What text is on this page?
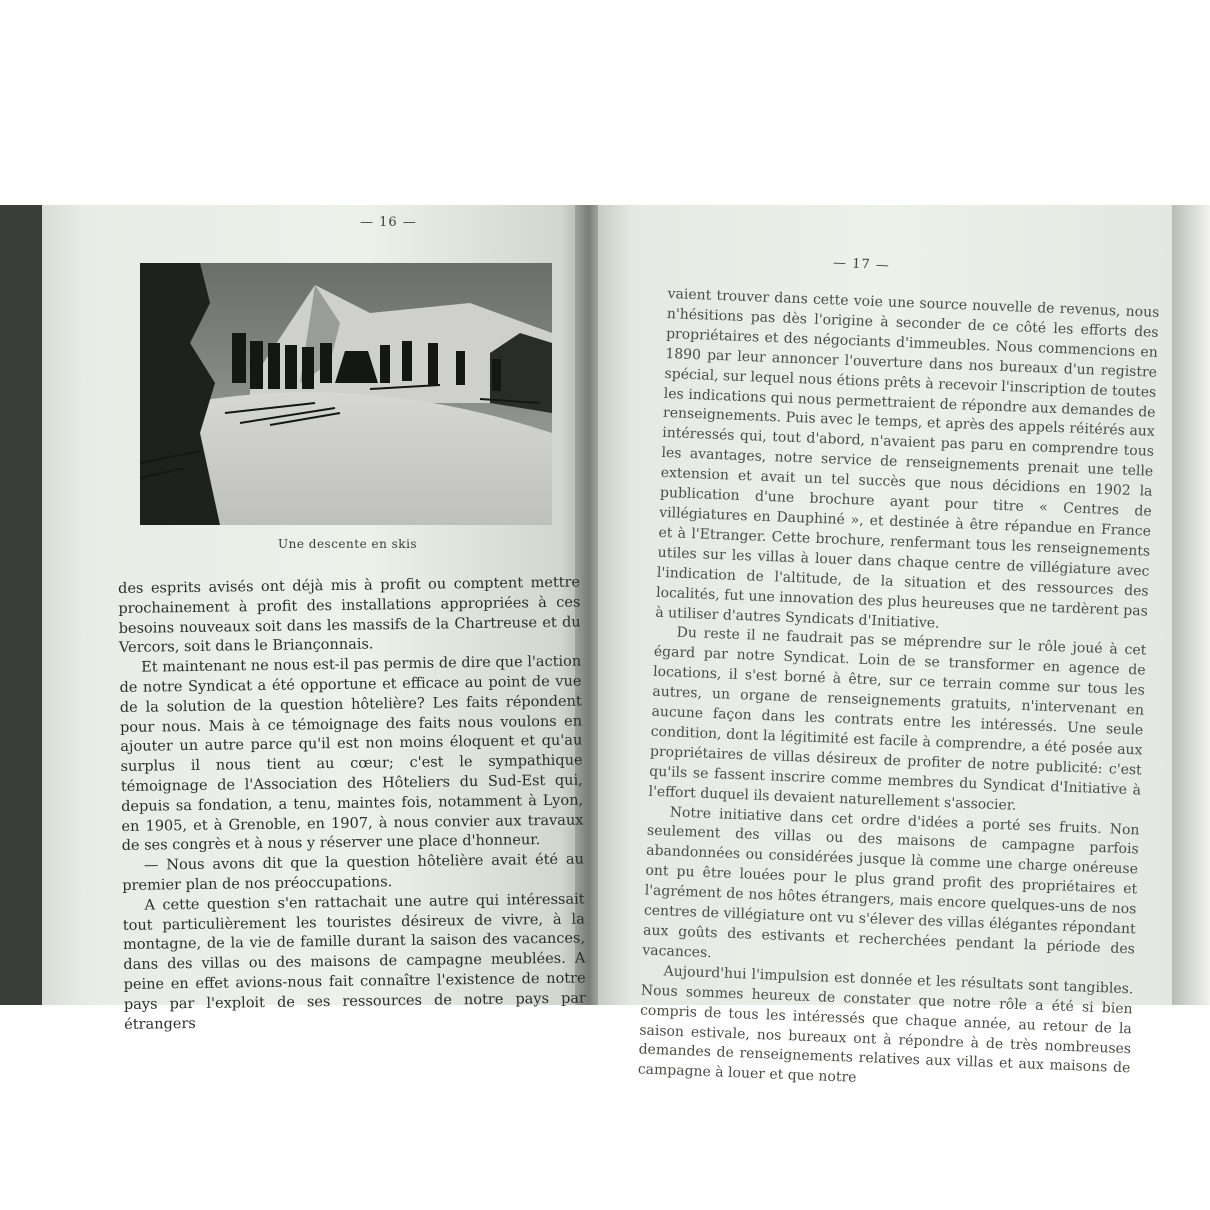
— 16 —
— 17 —
Une descente en skis

des esprits avisés ont déjà mis à profit ou comptent mettre prochainement à profit des installations appropriées à ces besoins nouveaux soit dans les massifs de la Chartreuse et du Vercors, soit dans le Briançonnais.

Et maintenant ne nous est-il pas permis de dire que l'action de notre Syndicat a été opportune et efficace au point de vue de la solution de la question hôtelière? Les faits répondent pour nous. Mais à ce témoignage des faits nous voulons en ajouter un autre parce qu'il est non moins éloquent et qu'au surplus il nous tient au cœur; c'est le sympathique témoignage de l'Association des Hôteliers du Sud-Est qui, depuis sa fondation, a tenu, maintes fois, notamment à Lyon, en 1905, et à Grenoble, en 1907, à nous convier aux travaux de ses congrès et à nous y réserver une place d'honneur.

— Nous avons dit que la question hôtelière avait été au premier plan de nos préoccupations.

A cette question s'en rattachait une autre qui intéressait tout particulièrement les touristes désireux de vivre, à la montagne, de la vie de famille durant la saison des vacances, dans des villas ou des maisons de campagne meublées. A peine en effet avions-nous fait connaître l'existence de notre pays par l'exploit de ses ressources de notre pays par étrangers

vaient trouver dans cette voie une source nouvelle de revenus, nous n'hésitions pas dès l'origine à seconder de ce côté les efforts des propriétaires et des négociants d'immeubles. Nous commencions en 1890 par leur annoncer l'ouverture dans nos bureaux d'un registre spécial, sur lequel nous étions prêts à recevoir l'inscription de toutes les indications qui nous permettraient de répondre aux demandes de renseignements. Puis avec le temps, et après des appels réitérés aux intéressés qui, tout d'abord, n'avaient pas paru en comprendre tous les avantages, notre service de renseignements prenait une telle extension et avait un tel succès que nous décidions en 1902 la publication d'une brochure ayant pour titre « Centres de villégiatures en Dauphiné », et destinée à être répandue en France et à l'Etranger. Cette brochure, renfermant tous les renseignements utiles sur les villas à louer dans chaque centre de villégiature avec l'indication de l'altitude, de la situation et des ressources des localités, fut une innovation des plus heureuses que ne tardèrent pas à utiliser d'autres Syndicats d'Initiative.

Du reste il ne faudrait pas se méprendre sur le rôle joué à cet égard par notre Syndicat. Loin de se transformer en agence de locations, il s'est borné à être, sur ce terrain comme sur tous les autres, un organe de renseignements gratuits, n'intervenant en aucune façon dans les contrats entre les intéressés. Une seule condition, dont la légitimité est facile à comprendre, a été posée aux propriétaires de villas désireux de profiter de notre publicité: c'est qu'ils se fassent inscrire comme membres du Syndicat d'Initiative à l'effort duquel ils devaient naturellement s'associer.

Notre initiative dans cet ordre d'idées a porté ses fruits. Non seulement des villas ou des maisons de campagne parfois abandonnées ou considérées jusque là comme une charge onéreuse ont pu être louées pour le plus grand profit des propriétaires et l'agrément de nos hôtes étrangers, mais encore quelques-uns de nos centres de villégiature ont vu s'élever des villas élégantes répondant aux goûts des estivants et recherchées pendant la période des vacances.

Aujourd'hui l'impulsion est donnée et les résultats sont tangibles. Nous sommes heureux de constater que notre rôle a été si bien compris de tous les intéressés que chaque année, au retour de la saison estivale, nos bureaux ont à répondre à de très nombreuses demandes de renseignements relatives aux villas et aux maisons de campagne à louer et que notre
